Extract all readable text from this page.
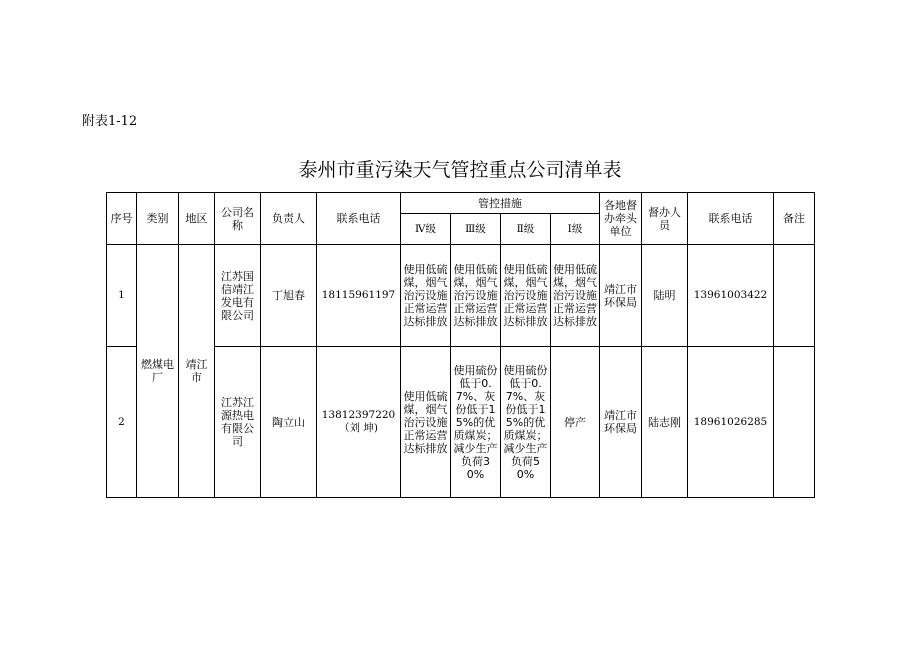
附表1-12
泰州市重污染天气管控重点公司清单表
序号	类别	地区	公司名称	负责人	联系电话	管控措施				各地督办牵头单位	督办人员	联系电话	备注
						Ⅳ级	Ⅲ级	Ⅱ级	Ⅰ级				
1	燃煤电厂	靖江市	江苏国信靖江发电有限公司	丁旭春	18115961197	使用低硫煤，烟气治污设施正常运营达标排放	使用低硫煤，烟气治污设施正常运营达标排放	使用低硫煤，烟气治污设施正常运营达标排放	使用低硫煤，烟气治污设施正常运营达标排放	靖江市环保局	陆明	13961003422	
2			江苏江源热电有限公司	陶立山	13812397220（刘 坤)	使用低硫煤，烟气治污设施正常运营达标排放	使用硫份低于0.7%、灰份低于15%的优质煤炭；减少生产负荷30%	使用硫份低于0.7%、灰份低于15%的优质煤炭；减少生产负荷50%	停产	靖江市环保局	陆志刚	18961026285	
